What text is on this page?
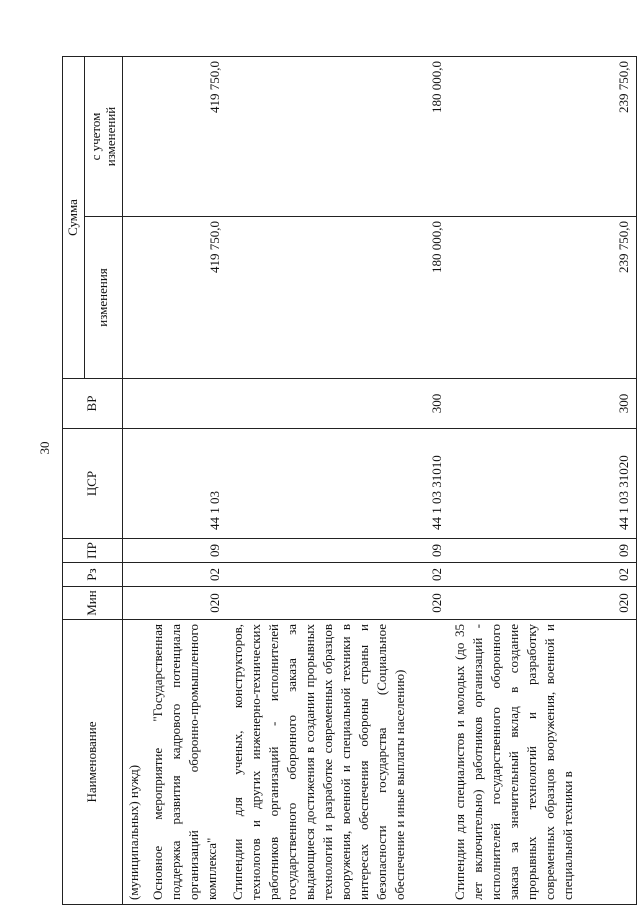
30
Наименование	Мин	Рз	ПР	ЦСР	ВР	Сумма	
						изменения	с учетом изменений
(муниципальных) нужд)							
Основное мероприятие "Государственная поддержка развития кадрового потенциала организаций оборонно-промышленного комплекса"	020	02	09	44 1 03		419 750,0	419 750,0
Стипендии для ученых, конструкторов, технологов и других инженерно-технических работников организаций - исполнителей государственного оборонного заказа за выдающиеся достижения в создании прорывных технологий и разработке современных образцов вооружения, военной и специальной техники в интересах обеспечения обороны страны и безопасности государства (Социальное обеспечение и иные выплаты населению)	020	02	09	44 1 03 31010	300	180 000,0	180 000,0
Стипендии для специалистов и молодых (до 35 лет включительно) работников организаций - исполнителей государственного оборонного заказа за значительный вклад в создание прорывных технологий и разработку современных образцов вооружения, военной и специальной техники в	020	02	09	44 1 03 31020	300	239 750,0	239 750,0
